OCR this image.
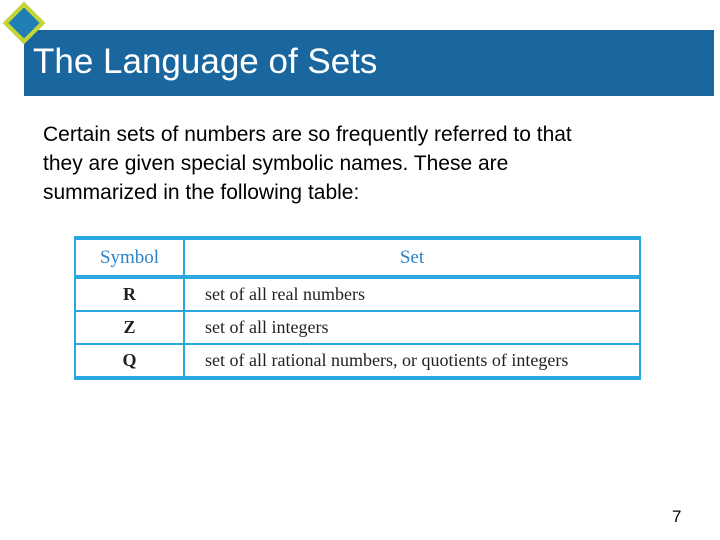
The Language of Sets
Certain sets of numbers are so frequently referred to that
they are given special symbolic names. These are
summarized in the following table:
Symbol	Set
R	set of all real numbers
Z	set of all integers
Q	set of all rational numbers, or quotients of integers
7
